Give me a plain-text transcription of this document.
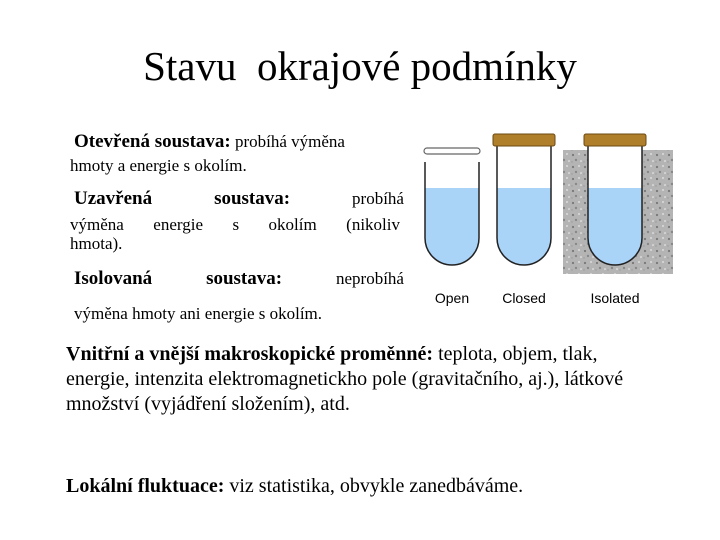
Stavu  okrajové podmínky
Otevřená soustava: probíhá výměna
hmoty a energie s okolím.
Uzavřená	soustava:	probíhá
výměna energie s okolím (nikoliv
hmota).
Isolovaná	soustava:	neprobíhá
výměna hmoty ani energie s okolím.
Open Closed	Isolated
Vnitřní a vnější makroskopické proměnné: teplota, objem, tlak, energie, intenzita elektromagnetickho pole (gravitačního, aj.), látkové množství (vyjádření složením), atd.
Lokální fluktuace: viz statistika, obvykle zanedbáváme.
